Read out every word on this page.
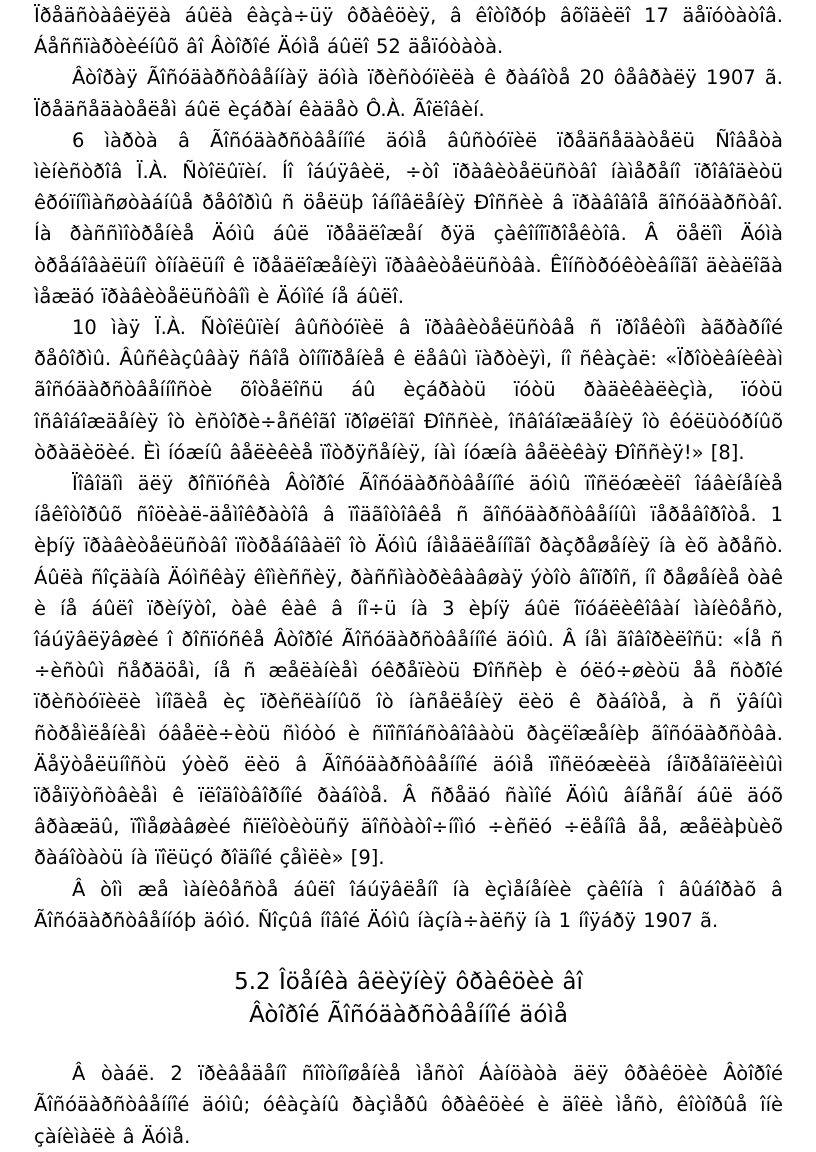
Ïðåäñòàâëÿëà áûëà êàçà÷üÿ ôðàêöèÿ, â êîòîðóþ âõîäèëî 17 äåïóòàòîâ. Áåññïàðòèéíûõ âî Âòîðîé Äóìå áûëî 52 äåïóòàòà.

Âòîðàÿ Ãîñóäàðñòâåííàÿ äóìà ïðèñòóïèëà ê ðàáîòå 20 ôåâðàëÿ 1907 ã. Ïðåäñåäàòåëåì áûë èçáðàí êàäåò Ô.À. Ãîëîâèí.

6 ìàðòà â Ãîñóäàðñòâåííîé äóìå âûñòóïèë ïðåäñåäàòåëü Ñîâåòà ìèíèñòðîâ Ï.À. Ñòîëûïèí. Íî îáúÿâèë, ÷òî ïðàâèòåëüñòâî íàìåðåíî ïðîâîäèòü êðóïíîìàñøòàáíûå ðåôîðìû ñ öåëüþ îáíîâëåíèÿ Ðîññèè â ïðàâîâîå ãîñóäàðñòâî. Íà ðàññìîòðåíèå Äóìû áûë ïðåäëîæåí ðÿä çàêîíîïðîåêòîâ. Â öåëîì Äóìà òðåáîâàëüíî òîíàëüíî ê ïðåäëîæåíèÿì ïðàâèòåëüñòâà. Êîíñòðóêòèâíîãî äèàëîãà ìåæäó ïðàâèòåëüñòâîì è Äóìîé íå áûëî.

10 ìàÿ Ï.À. Ñòîëûïèí âûñòóïèë â ïðàâèòåëüñòâå ñ ïðîåêòîì àãðàðíîé ðåôîðìû. Âûñêàçûâàÿ ñâîå òîíîïðåíèå ê ëåâûì ïàðòèÿì, íî ñêàçàë: «Ïðîòèâíèêàì ãîñóäàðñòâåííîñòè õîòåëîñü áû èçáðàòü ïóòü ðàäèêàëèçìà, ïóòü îñâîáîæäåíèÿ îò èñòîðè÷åñêîãî ïðîøëîãî Ðîññèè, îñâîáîæäåíèÿ îò êóëüòóðíûõ òðàäèöèé. Èì íóæíû âåëèêèå ïîòðÿñåíèÿ, íàì íóæíà âåëèêàÿ Ðîññèÿ!» [8].

Ïîâîäîì äëÿ ðîñïóñêà Âòîðîé Ãîñóäàðñòâåííîé äóìû ïîñëóæèëî îáâèíåíèå íåêîòîðûõ ñîöèàë-äåìîêðàòîâ â ïîäãîòîâêå ñ ãîñóäàðñòâåííûì ïåðåâîðîòå. 1 èþíÿ ïðàâèòåëüñòâî ïîòðåáîâàëî îò Äóìû íåìåäëåííîãî ðàçðåøåíèÿ íà èõ àðåñò. Áûëà ñîçäàíà Äóìñêàÿ êîìèññèÿ, ðàññìàòðèâàâøàÿ ýòîò âîïðîñ, íî ðåøåíèå òàê è íå áûëî ïðèíÿòî, òàê êàê â íî÷ü íà 3 èþíÿ áûë îïóáëèêîâàí ìàíèôåñò, îáúÿâëÿâøèé î ðîñïóñêå Âòîðîé Ãîñóäàðñòâåííîé äóìû. Â íåì ãîâîðèëîñü: «Íå ñ ÷èñòûì ñåðäöåì, íå ñ æåëàíèåì óêðåïèòü Ðîññèþ è óëó÷øèòü åå ñòðîé ïðèñòóïèëè ìíîãèå èç ïðèñëàííûõ îò íàñåëåíèÿ ëèö ê ðàáîòå, à ñ ÿâíûì ñòðåìëåíèåì óâåëè÷èòü ñìóòó è ñïîñîáñòâîâàòü ðàçëîæåíèþ ãîñóäàðñòâà. Äåÿòåëüíîñòü ýòèõ ëèö â Ãîñóäàðñòâåííîé äóìå ïîñëóæèëà íåïðåîäîëèìûì ïðåïÿòñòâèåì ê ïëîäîòâîðíîé ðàáîòå. Â ñðåäó ñàìîé Äóìû âíåñåí áûë äóõ âðàæäû, ïîìåøàâøèé ñïëîòèòüñÿ äîñòàòî÷íîìó ÷èñëó ÷ëåíîâ åå, æåëàþùèõ ðàáîòàòü íà ïîëüçó ðîäíîé çåìëè» [9].

Â òîì æå ìàíèôåñòå áûëî îáúÿâëåíî íà èçìåíåíèè çàêîíà î âûáîðàõ â Ãîñóäàðñòâåííóþ äóìó. Ñîçûâ íîâîé Äóìû íàçíà÷àëñÿ íà 1 íîÿáðÿ 1907 ã.

5.2 Îöåíêà âëèÿíèÿ ôðàêöèè âî
Âòîðîé Ãîñóäàðñòâåííîé äóìå

Â òàáë. 2 ïðèâåäåíî ñîîòíîøåíèå ìåñòî Áàíöàòà äëÿ ôðàêöèè Âòîðîé Ãîñóäàðñòâåííîé äóìû; óêàçàíû ðàçìåðû ôðàêöèé è äîëè ìåñò, êîòîðûå îíè çàíèìàëè â Äóìå.
